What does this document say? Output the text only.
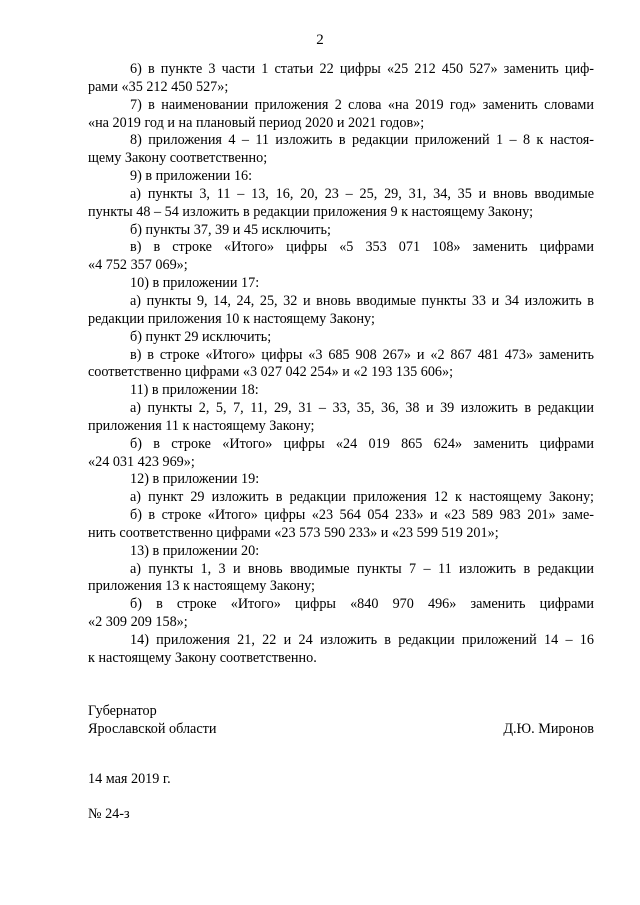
2
6) в пункте 3 части 1 статьи 22 цифры «25 212 450 527» заменить циф-
рами «35 212 450 527»;
7) в наименовании приложения 2 слова «на 2019 год» заменить словами
«на 2019 год и на плановый период 2020 и 2021 годов»;
8) приложения 4 – 11 изложить в редакции приложений 1 – 8 к настоя-
щему Закону соответственно;
9) в приложении 16:
а) пункты 3, 11 – 13, 16, 20, 23 – 25, 29, 31, 34, 35 и вновь вводимые
пункты 48 – 54 изложить в редакции приложения 9 к настоящему Закону;
б) пункты 37, 39 и 45 исключить;
в) в строке «Итого» цифры «5 353 071 108» заменить цифрами
«4 752 357 069»;
10) в приложении 17:
а) пункты 9, 14, 24, 25, 32 и вновь вводимые пункты 33 и 34 изложить в
редакции приложения 10 к настоящему Закону;
б) пункт 29 исключить;
в) в строке «Итого» цифры «3 685 908 267» и «2 867 481 473» заменить
соответственно цифрами «3 027 042 254» и «2 193 135 606»;
11) в приложении 18:
а) пункты 2, 5, 7, 11, 29, 31 – 33, 35, 36, 38 и 39 изложить в редакции
приложения 11 к настоящему Закону;
б) в строке «Итого» цифры «24 019 865 624» заменить цифрами
«24 031 423 969»;
12) в приложении 19:
а) пункт 29 изложить в редакции приложения 12 к настоящему Закону;
б) в строке «Итого» цифры «23 564 054 233» и «23 589 983 201» заме-
нить соответственно цифрами «23 573 590 233» и «23 599 519 201»;
13) в приложении 20:
а) пункты 1, 3 и вновь вводимые пункты 7 – 11 изложить в редакции
приложения 13 к настоящему Закону;
б) в строке «Итого» цифры «840 970 496» заменить цифрами
«2 309 209 158»;
14) приложения 21, 22 и 24 изложить в редакции приложений 14 – 16
к настоящему Закону соответственно.
Губернатор
Ярославской области	Д.Ю. Миронов
14 мая 2019 г.
№ 24-з
